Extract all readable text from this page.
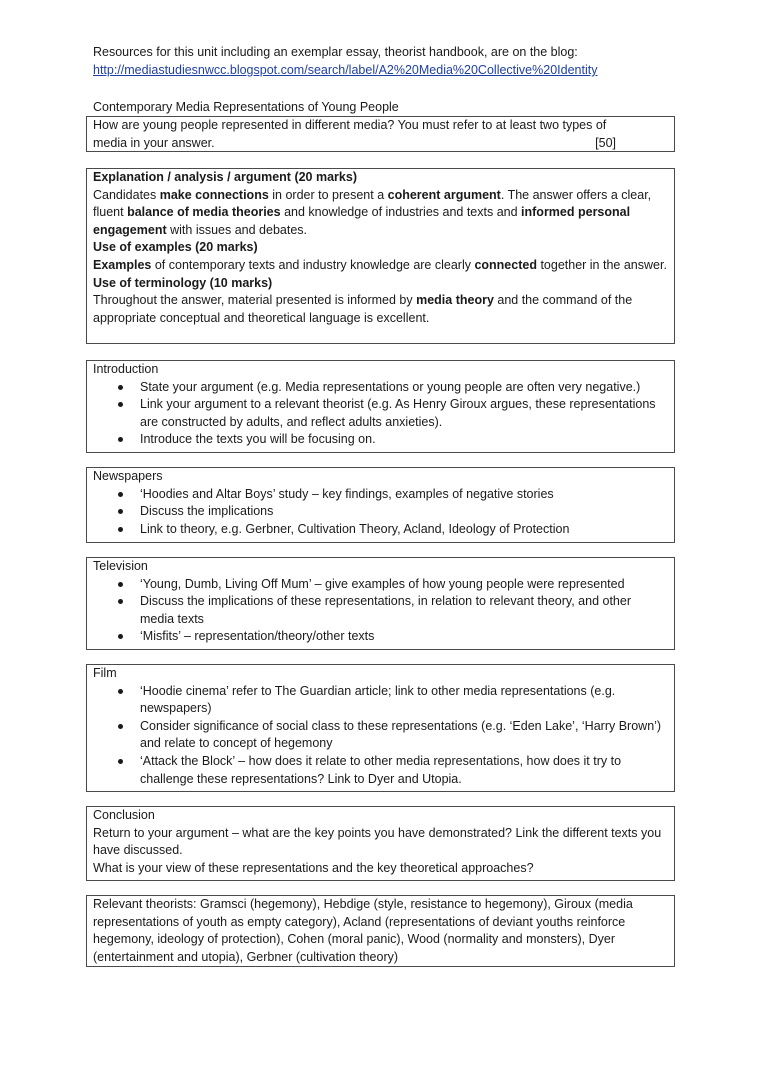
Resources for this unit including an exemplar essay, theorist handbook, are on the blog:
http://mediastudiesnwcc.blogspot.com/search/label/A2%20Media%20Collective%20Identity
Contemporary Media Representations of Young People

How are young people represented in different media? You must refer to at least two types of

media in your answer.	[50]

Explanation / analysis / argument (20 marks)

Candidates make connections in order to present a coherent argument. The answer offers a clear, fluent balance of media theories and knowledge of industries and texts and informed personal engagement with issues and debates.

Use of examples (20 marks)

Examples of contemporary texts and industry knowledge are clearly connected together in the answer.

Use of terminology (10 marks)

Throughout the answer, material presented is informed by media theory and the command of the appropriate conceptual and theoretical language is excellent.

Introduction

State your argument (e.g. Media representations or young people are often very negative.)
Link your argument to a relevant theorist (e.g. As Henry Giroux argues, these representations are constructed by adults, and reflect adults anxieties).
Introduce the texts you will be focusing on.

Newspapers

‘Hoodies and Altar Boys’ study – key findings, examples of negative stories
Discuss the implications
Link to theory, e.g. Gerbner, Cultivation Theory, Acland, Ideology of Protection

Television

‘Young, Dumb, Living Off Mum’ – give examples of how young people were represented
Discuss the implications of these representations, in relation to relevant theory, and other media texts
‘Misfits’ – representation/theory/other texts

Film

‘Hoodie cinema’ refer to The Guardian article; link to other media representations (e.g. newspapers)
Consider significance of social class to these representations (e.g. ‘Eden Lake’, ‘Harry Brown’) and relate to concept of hegemony
‘Attack the Block’ – how does it relate to other media representations, how does it try to challenge these representations? Link to Dyer and Utopia.

Conclusion

Return to your argument – what are the key points you have demonstrated? Link the different texts you have discussed.

What is your view of these representations and the key theoretical approaches?

Relevant theorists: Gramsci (hegemony), Hebdige (style, resistance to hegemony), Giroux (media representations of youth as empty category), Acland (representations of deviant youths reinforce hegemony, ideology of protection), Cohen (moral panic), Wood (normality and monsters), Dyer (entertainment and utopia), Gerbner (cultivation theory)
